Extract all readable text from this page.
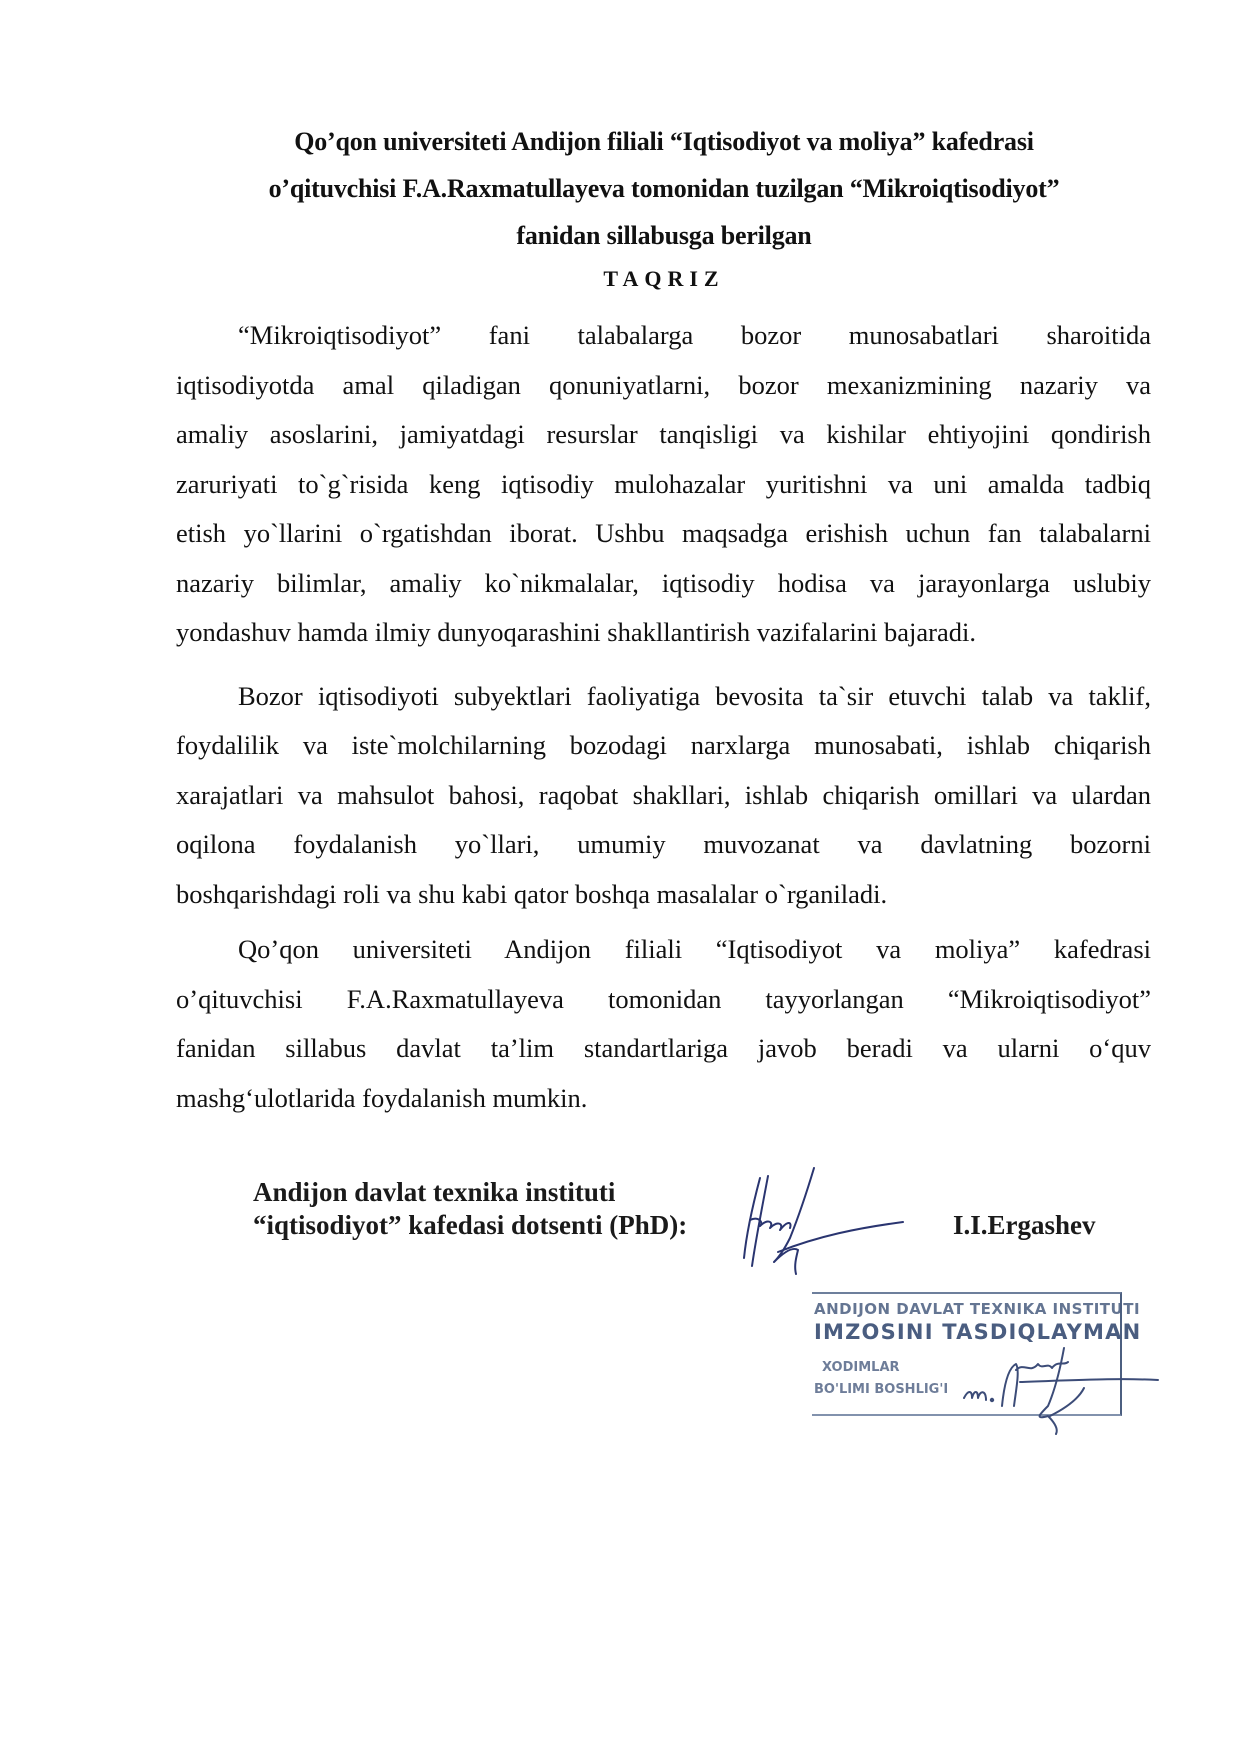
Qo’qon universiteti Andijon filiali “Iqtisodiyot va moliya” kafedrasi
o’qituvchisi F.A.Raxmatullayeva tomonidan tuzilgan “Mikroiqtisodiyot”
fanidan sillabusga berilgan
TAQRIZ
“Mikroiqtisodiyot” fani talabalarga bozor munosabatlari sharoitida
iqtisodiyotda amal qiladigan qonuniyatlarni, bozor mexanizmining nazariy va
amaliy asoslarini, jamiyatdagi resurslar tanqisligi va kishilar ehtiyojini qondirish
zaruriyati to`g`risida keng iqtisodiy mulohazalar yuritishni va uni amalda tadbiq
etish yo`llarini o`rgatishdan iborat. Ushbu maqsadga erishish uchun fan talabalarni
nazariy bilimlar, amaliy ko`nikmalalar, iqtisodiy hodisa va jarayonlarga uslubiy
yondashuv hamda ilmiy dunyoqarashini shakllantirish vazifalarini bajaradi.
Bozor iqtisodiyoti subyektlari faoliyatiga bevosita ta`sir etuvchi talab va taklif,
foydalilik va iste`molchilarning bozodagi narxlarga munosabati, ishlab chiqarish
xarajatlari va mahsulot bahosi, raqobat shakllari, ishlab chiqarish omillari va ulardan
oqilona foydalanish yo`llari, umumiy muvozanat va davlatning bozorni
boshqarishdagi roli va shu kabi qator boshqa masalalar o`rganiladi.
Qo’qon universiteti Andijon filiali “Iqtisodiyot va moliya” kafedrasi
o’qituvchisi F.A.Raxmatullayeva tomonidan tayyorlangan “Mikroiqtisodiyot”
fanidan sillabus davlat ta’lim standartlariga javob beradi va ularni o‘quv
mashg‘ulotlarida foydalanish mumkin.
Andijon davlat texnika instituti
“iqtisodiyot” kafedasi dotsenti (PhD):	I.I.Ergashev
ANDIJON DAVLAT TEXNIKA INSTITUTI
IMZOSINI TASDIQLAYMAN
XODIMLAR
BO'LIMI BOSHLIG'I
